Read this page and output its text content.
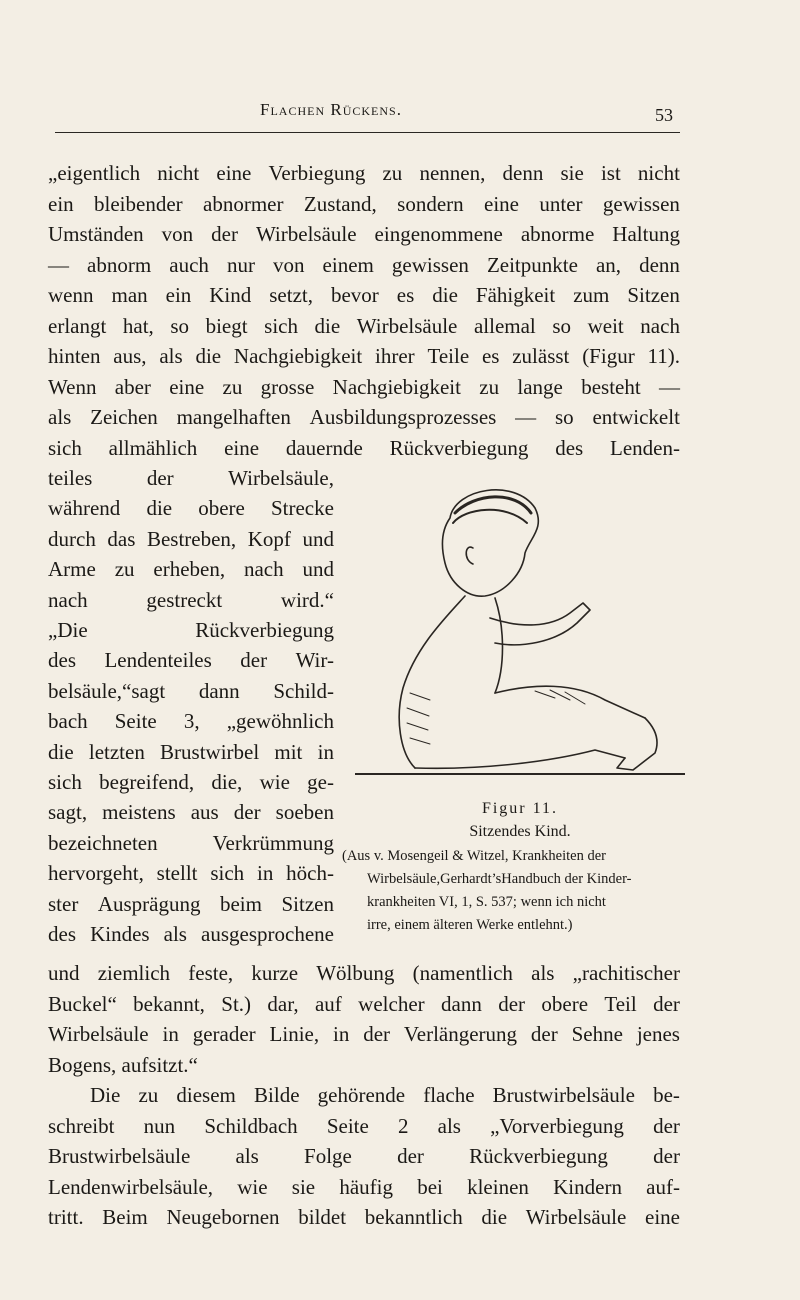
Flachen Rückens.	53
„eigentlich nicht eine Verbiegung zu nennen, denn sie ist nicht
ein bleibender abnormer Zustand, sondern eine unter gewissen
Umständen von der Wirbelsäule eingenommene abnorme Haltung
— abnorm auch nur von einem gewissen Zeitpunkte an, denn
wenn man ein Kind setzt, bevor es die Fähigkeit zum Sitzen
erlangt hat, so biegt sich die Wirbelsäule allemal so weit nach
hinten aus, als die Nachgiebigkeit ihrer Teile es zulässt (Figur 11).
Wenn aber eine zu grosse Nachgiebigkeit zu lange besteht —
als Zeichen mangelhaften Ausbildungsprozesses — so entwickelt
sich allmählich eine dauernde Rückverbiegung des Lenden-
teiles	der	Wirbelsäule,
während die obere Strecke
durch das Bestreben, Kopf und
Arme zu erheben, nach und
nach	gestreckt	wird.“
„Die	Rückverbiegung
des Lendenteiles der Wir-
belsäule,“sagt dann Schild-
bach Seite 3, „gewöhnlich
die letzten Brustwirbel mit in
sich begreifend, die, wie ge-
sagt, meistens aus der soeben
bezeichneten	Verkrümmung
hervorgeht, stellt sich in höch-
ster Ausprägung beim Sitzen
des Kindes als ausgesprochene
Figur 11.
Sitzendes Kind.
(Aus v. Mosengeil & Witzel, Krankheiten der
Wirbelsäule,Gerhardt’sHandbuch der Kinder-
krankheiten VI, 1, S. 537; wenn ich nicht
irre, einem älteren Werke entlehnt.)
und ziemlich feste, kurze Wölbung (namentlich als „rachitischer
Buckel“ bekannt, St.) dar, auf welcher dann der obere Teil der
Wirbelsäule in gerader Linie, in der Verlängerung der Sehne jenes
Bogens, aufsitzt.“
Die zu diesem Bilde gehörende flache Brustwirbelsäule be-
schreibt nun Schildbach Seite 2 als „Vorverbiegung der
Brustwirbelsäule als Folge der Rückverbiegung der
Lendenwirbelsäule, wie sie häufig bei kleinen Kindern auf-
tritt. Beim Neugebornen bildet bekanntlich die Wirbelsäule eine
